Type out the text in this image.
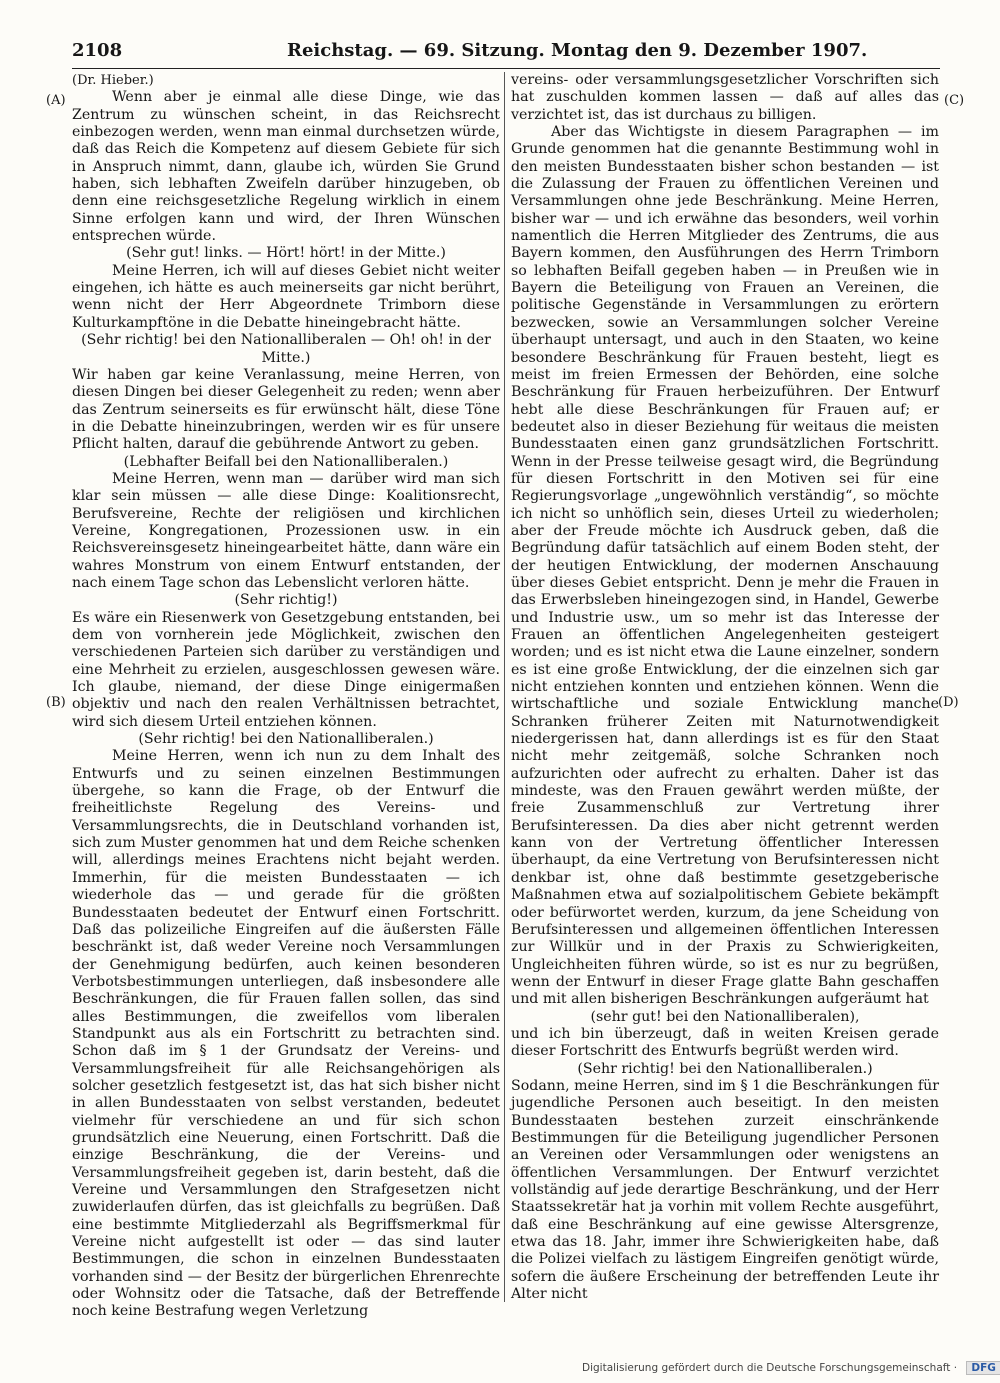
2108	Reichstag. — 69. Sitzung. Montag den 9. Dezember 1907.
(A)
(B)
(C)
(D)

(Dr. Hieber.)

Wenn aber je einmal alle diese Dinge, wie das Zentrum zu wünschen scheint, in das Reichsrecht einbezogen werden, wenn man einmal durchsetzen würde, daß das Reich die Kompetenz auf diesem Gebiete für sich in Anspruch nimmt, dann, glaube ich, würden Sie Grund haben, sich lebhaften Zweifeln darüber hinzugeben, ob denn eine reichsgesetzliche Regelung wirklich in einem Sinne erfolgen kann und wird, der Ihren Wünschen entsprechen würde.

(Sehr gut! links. — Hört! hört! in der Mitte.)

Meine Herren, ich will auf dieses Gebiet nicht weiter eingehen, ich hätte es auch meinerseits gar nicht berührt, wenn nicht der Herr Abgeordnete Trimborn diese Kulturkampftöne in die Debatte hineingebracht hätte.

(Sehr richtig! bei den Nationalliberalen — Oh! oh! in der Mitte.)

Wir haben gar keine Veranlassung, meine Herren, von diesen Dingen bei dieser Gelegenheit zu reden; wenn aber das Zentrum seinerseits es für erwünscht hält, diese Töne in die Debatte hineinzubringen, werden wir es für unsere Pflicht halten, darauf die gebührende Antwort zu geben.

(Lebhafter Beifall bei den Nationalliberalen.)

Meine Herren, wenn man — darüber wird man sich klar sein müssen — alle diese Dinge: Koalitionsrecht, Berufsvereine, Rechte der religiösen und kirchlichen Vereine, Kongregationen, Prozessionen usw. in ein Reichsvereinsgesetz hineingearbeitet hätte, dann wäre ein wahres Monstrum von einem Entwurf entstanden, der nach einem Tage schon das Lebenslicht verloren hätte.

(Sehr richtig!)

Es wäre ein Riesenwerk von Gesetzgebung entstanden, bei dem von vornherein jede Möglichkeit, zwischen den verschiedenen Parteien sich darüber zu verständigen und eine Mehrheit zu erzielen, ausgeschlossen gewesen wäre. Ich glaube, niemand, der diese Dinge einigermaßen objektiv und nach den realen Verhältnissen betrachtet, wird sich diesem Urteil entziehen können.

(Sehr richtig! bei den Nationalliberalen.)

Meine Herren, wenn ich nun zu dem Inhalt des Entwurfs und zu seinen einzelnen Bestimmungen übergehe, so kann die Frage, ob der Entwurf die freiheitlichste Regelung des Vereins- und Versammlungsrechts, die in Deutschland vorhanden ist, sich zum Muster genommen hat und dem Reiche schenken will, allerdings meines Erachtens nicht bejaht werden. Immerhin, für die meisten Bundesstaaten — ich wiederhole das — und gerade für die größten Bundesstaaten bedeutet der Entwurf einen Fortschritt. Daß das polizeiliche Eingreifen auf die äußersten Fälle beschränkt ist, daß weder Vereine noch Versammlungen der Genehmigung bedürfen, auch keinen besonderen Verbotsbestimmungen unterliegen, daß insbesondere alle Beschränkungen, die für Frauen fallen sollen, das sind alles Bestimmungen, die zweifellos vom liberalen Standpunkt aus als ein Fortschritt zu betrachten sind. Schon daß im § 1 der Grundsatz der Vereins- und Versammlungsfreiheit für alle Reichsangehörigen als solcher gesetzlich festgesetzt ist, das hat sich bisher nicht in allen Bundesstaaten von selbst verstanden, bedeutet vielmehr für verschiedene an und für sich schon grundsätzlich eine Neuerung, einen Fortschritt. Daß die einzige Beschränkung, die der Vereins- und Versammlungsfreiheit gegeben ist, darin besteht, daß die Vereine und Versammlungen den Strafgesetzen nicht zuwiderlaufen dürfen, das ist gleichfalls zu begrüßen. Daß eine bestimmte Mitgliederzahl als Begriffsmerkmal für Vereine nicht aufgestellt ist oder — das sind lauter Bestimmungen, die schon in einzelnen Bundesstaaten vorhanden sind — der Besitz der bürgerlichen Ehrenrechte oder Wohnsitz oder die Tatsache, daß der Betreffende noch keine Bestrafung wegen Verletzung

vereins- oder versammlungsgesetzlicher Vorschriften sich hat zuschulden kommen lassen — daß auf alles das verzichtet ist, das ist durchaus zu billigen.

Aber das Wichtigste in diesem Paragraphen — im Grunde genommen hat die genannte Bestimmung wohl in den meisten Bundesstaaten bisher schon bestanden — ist die Zulassung der Frauen zu öffentlichen Vereinen und Versammlungen ohne jede Beschränkung. Meine Herren, bisher war — und ich erwähne das besonders, weil vorhin namentlich die Herren Mitglieder des Zentrums, die aus Bayern kommen, den Ausführungen des Herrn Trimborn so lebhaften Beifall gegeben haben — in Preußen wie in Bayern die Beteiligung von Frauen an Vereinen, die politische Gegenstände in Versammlungen zu erörtern bezwecken, sowie an Versammlungen solcher Vereine überhaupt untersagt, und auch in den Staaten, wo keine besondere Beschränkung für Frauen besteht, liegt es meist im freien Ermessen der Behörden, eine solche Beschränkung für Frauen herbeizuführen. Der Entwurf hebt alle diese Beschränkungen für Frauen auf; er bedeutet also in dieser Beziehung für weitaus die meisten Bundesstaaten einen ganz grundsätzlichen Fortschritt. Wenn in der Presse teilweise gesagt wird, die Begründung für diesen Fortschritt in den Motiven sei für eine Regierungsvorlage „ungewöhnlich verständig“, so möchte ich nicht so unhöflich sein, dieses Urteil zu wiederholen; aber der Freude möchte ich Ausdruck geben, daß die Begründung dafür tatsächlich auf einem Boden steht, der der heutigen Entwicklung, der modernen Anschauung über dieses Gebiet entspricht. Denn je mehr die Frauen in das Erwerbsleben hineingezogen sind, in Handel, Gewerbe und Industrie usw., um so mehr ist das Interesse der Frauen an öffentlichen Angelegenheiten gesteigert worden; und es ist nicht etwa die Laune einzelner, sondern es ist eine große Entwicklung, der die einzelnen sich gar nicht entziehen konnten und entziehen können. Wenn die wirtschaftliche und soziale Entwicklung manche Schranken früherer Zeiten mit Naturnotwendigkeit niedergerissen hat, dann allerdings ist es für den Staat nicht mehr zeitgemäß, solche Schranken noch aufzurichten oder aufrecht zu erhalten. Daher ist das mindeste, was den Frauen gewährt werden müßte, der freie Zusammenschluß zur Vertretung ihrer Berufsinteressen. Da dies aber nicht getrennt werden kann von der Vertretung öffentlicher Interessen überhaupt, da eine Vertretung von Berufsinteressen nicht denkbar ist, ohne daß bestimmte gesetzgeberische Maßnahmen etwa auf sozialpolitischem Gebiete bekämpft oder befürwortet werden, kurzum, da jene Scheidung von Berufsinteressen und allgemeinen öffentlichen Interessen zur Willkür und in der Praxis zu Schwierigkeiten, Ungleichheiten führen würde, so ist es nur zu begrüßen, wenn der Entwurf in dieser Frage glatte Bahn geschaffen und mit allen bisherigen Beschränkungen aufgeräumt hat

(sehr gut! bei den Nationalliberalen),

und ich bin überzeugt, daß in weiten Kreisen gerade dieser Fortschritt des Entwurfs begrüßt werden wird.

(Sehr richtig! bei den Nationalliberalen.)

Sodann, meine Herren, sind im § 1 die Beschränkungen für jugendliche Personen auch beseitigt. In den meisten Bundesstaaten bestehen zurzeit einschränkende Bestimmungen für die Beteiligung jugendlicher Personen an Vereinen oder Versammlungen oder wenigstens an öffentlichen Versammlungen. Der Entwurf verzichtet vollständig auf jede derartige Beschränkung, und der Herr Staatssekretär hat ja vorhin mit vollem Rechte ausgeführt, daß eine Beschränkung auf eine gewisse Altersgrenze, etwa das 18. Jahr, immer ihre Schwierigkeiten habe, daß die Polizei vielfach zu lästigem Eingreifen genötigt würde, sofern die äußere Erscheinung der betreffenden Leute ihr Alter nicht

Digitalisierung gefördert durch die Deutsche Forschungsgemeinschaft · DFG
